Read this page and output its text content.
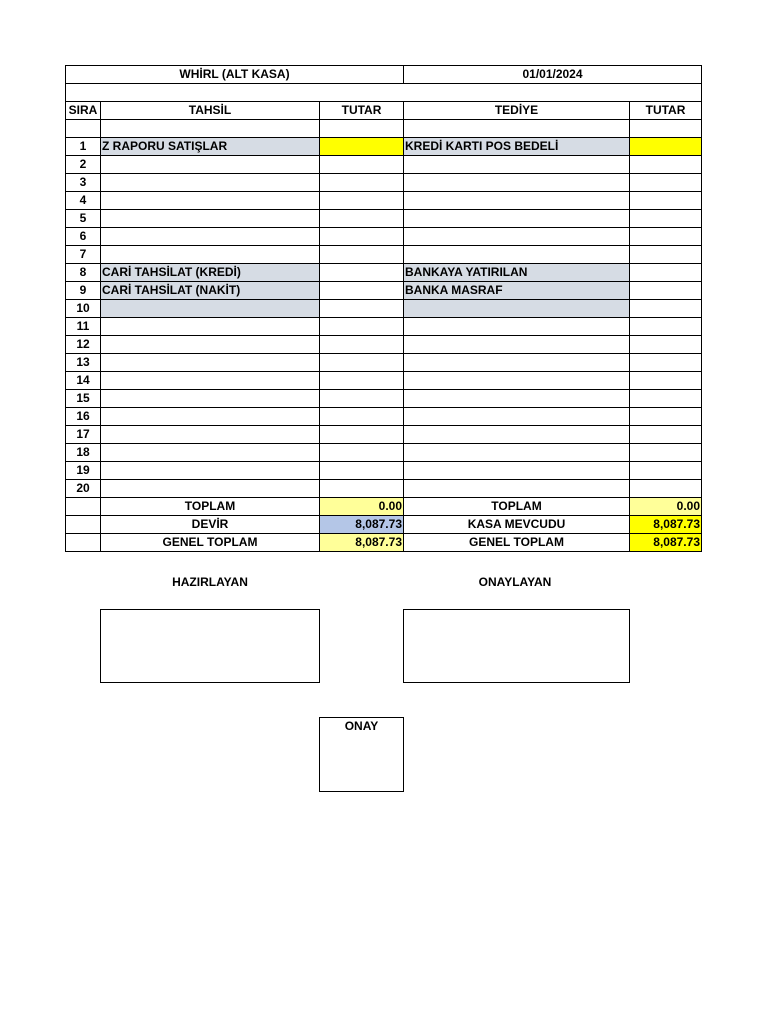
WHİRL (ALT KASA)			01/01/2024	

SIRA	TAHSİL	TUTAR	TEDİYE	TUTAR

1	Z RAPORU SATIŞLAR		KREDİ KARTI POS BEDELİ	
2				
3				
4				
5				
6				
7				
8	CARİ TAHSİLAT (KREDİ)		BANKAYA YATIRILAN	
9	CARİ TAHSİLAT (NAKİT)		BANKA MASRAF	
10				
11				
12				
13				
14				
15				
16				
17				
18				
19				
20				
	TOPLAM	0.00	TOPLAM	0.00
	DEVİR	8,087.73	KASA MEVCUDU	8,087.73
	GENEL TOPLAM	8,087.73	GENEL TOPLAM	8,087.73
HAZIRLAYAN	ONAYLAYAN
ONAY
